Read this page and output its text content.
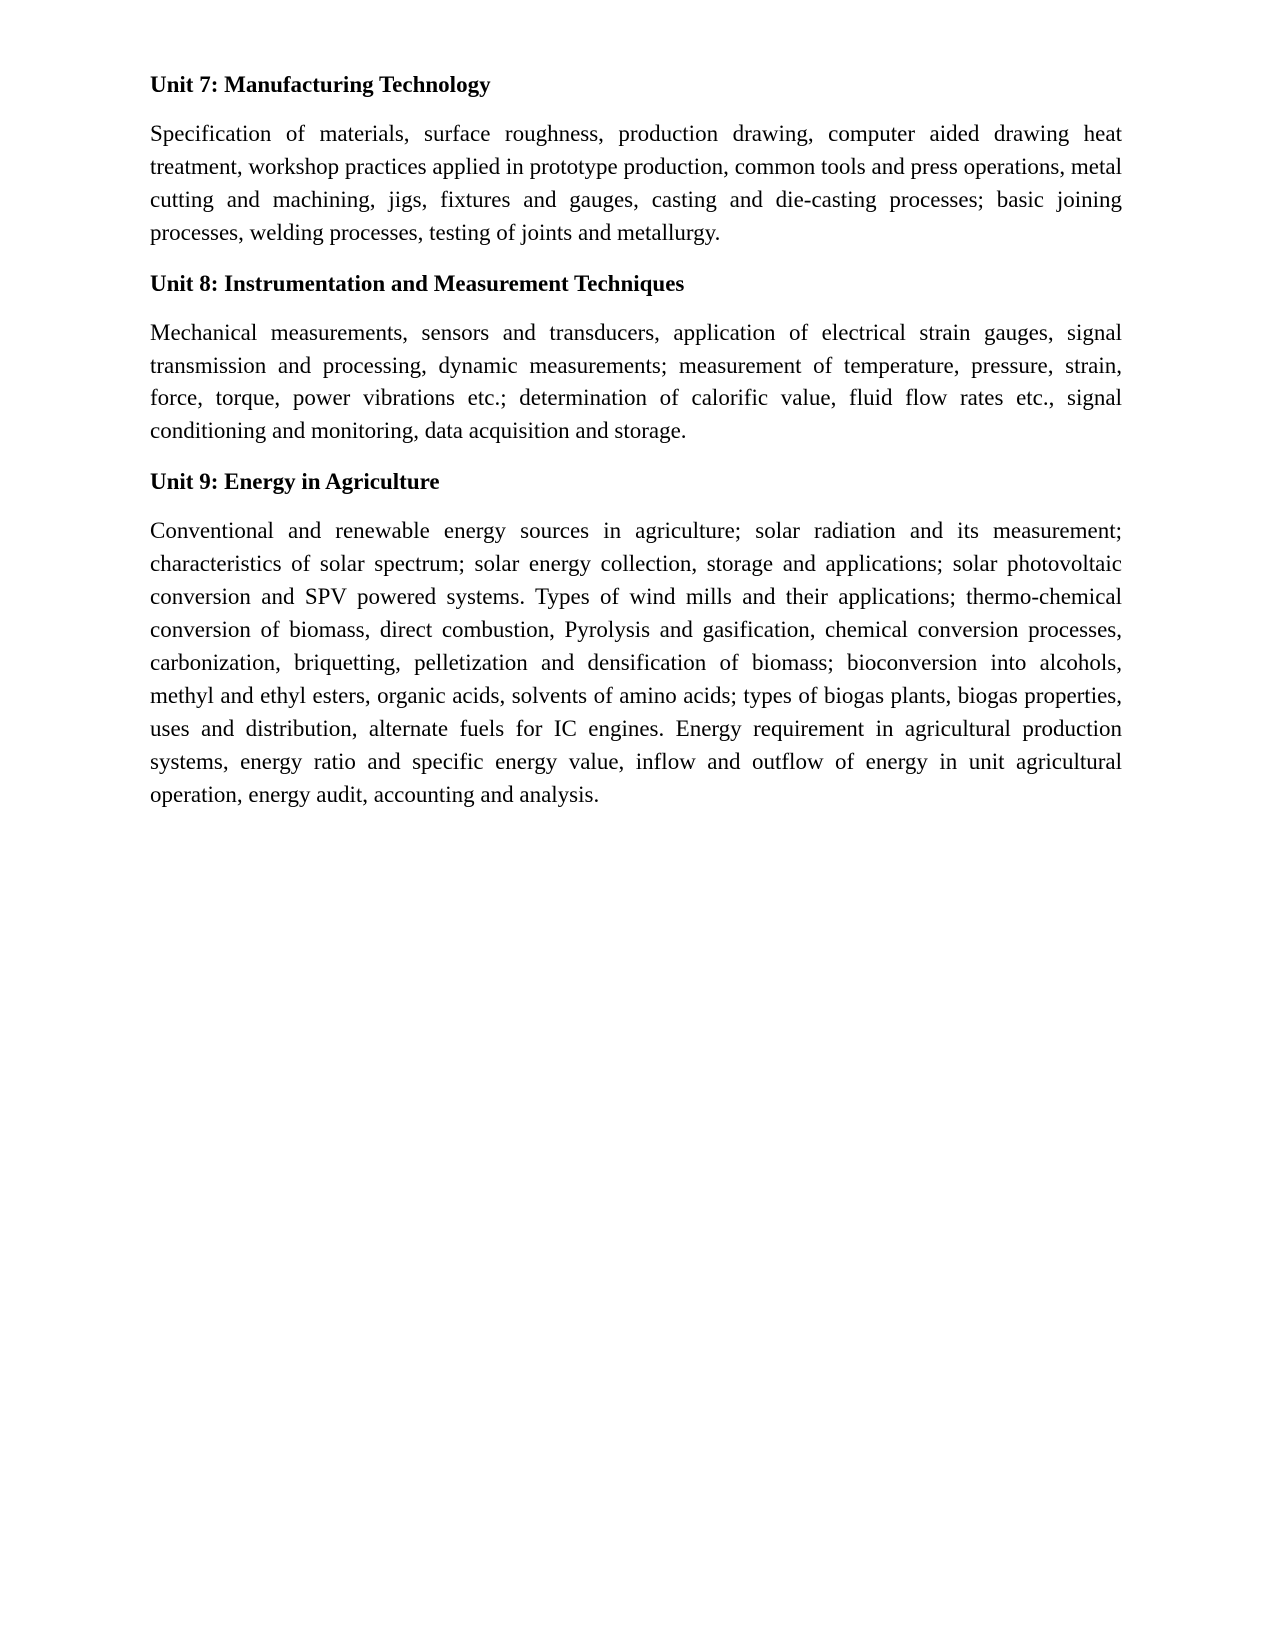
Unit 7: Manufacturing Technology
Specification of materials, surface roughness, production drawing, computer aided drawing heat treatment, workshop practices applied in prototype production, common tools and press operations, metal cutting and machining, jigs, fixtures and gauges, casting and die-casting processes; basic joining processes, welding processes, testing of joints and metallurgy.
Unit 8: Instrumentation and Measurement Techniques
Mechanical measurements, sensors and transducers, application of electrical strain gauges, signal transmission and processing, dynamic measurements; measurement of temperature, pressure, strain, force, torque, power vibrations etc.; determination of calorific value, fluid flow rates etc., signal conditioning and monitoring, data acquisition and storage.
Unit 9: Energy in Agriculture
Conventional and renewable energy sources in agriculture; solar radiation and its measurement; characteristics of solar spectrum; solar energy collection, storage and applications; solar photovoltaic conversion and SPV powered systems. Types of wind mills and their applications; thermo-chemical conversion of biomass, direct combustion, Pyrolysis and gasification, chemical conversion processes, carbonization, briquetting, pelletization and densification of biomass; bioconversion into alcohols, methyl and ethyl esters, organic acids, solvents of amino acids; types of biogas plants, biogas properties, uses and distribution, alternate fuels for IC engines. Energy requirement in agricultural production systems, energy ratio and specific energy value, inflow and outflow of energy in unit agricultural operation, energy audit, accounting and analysis.
